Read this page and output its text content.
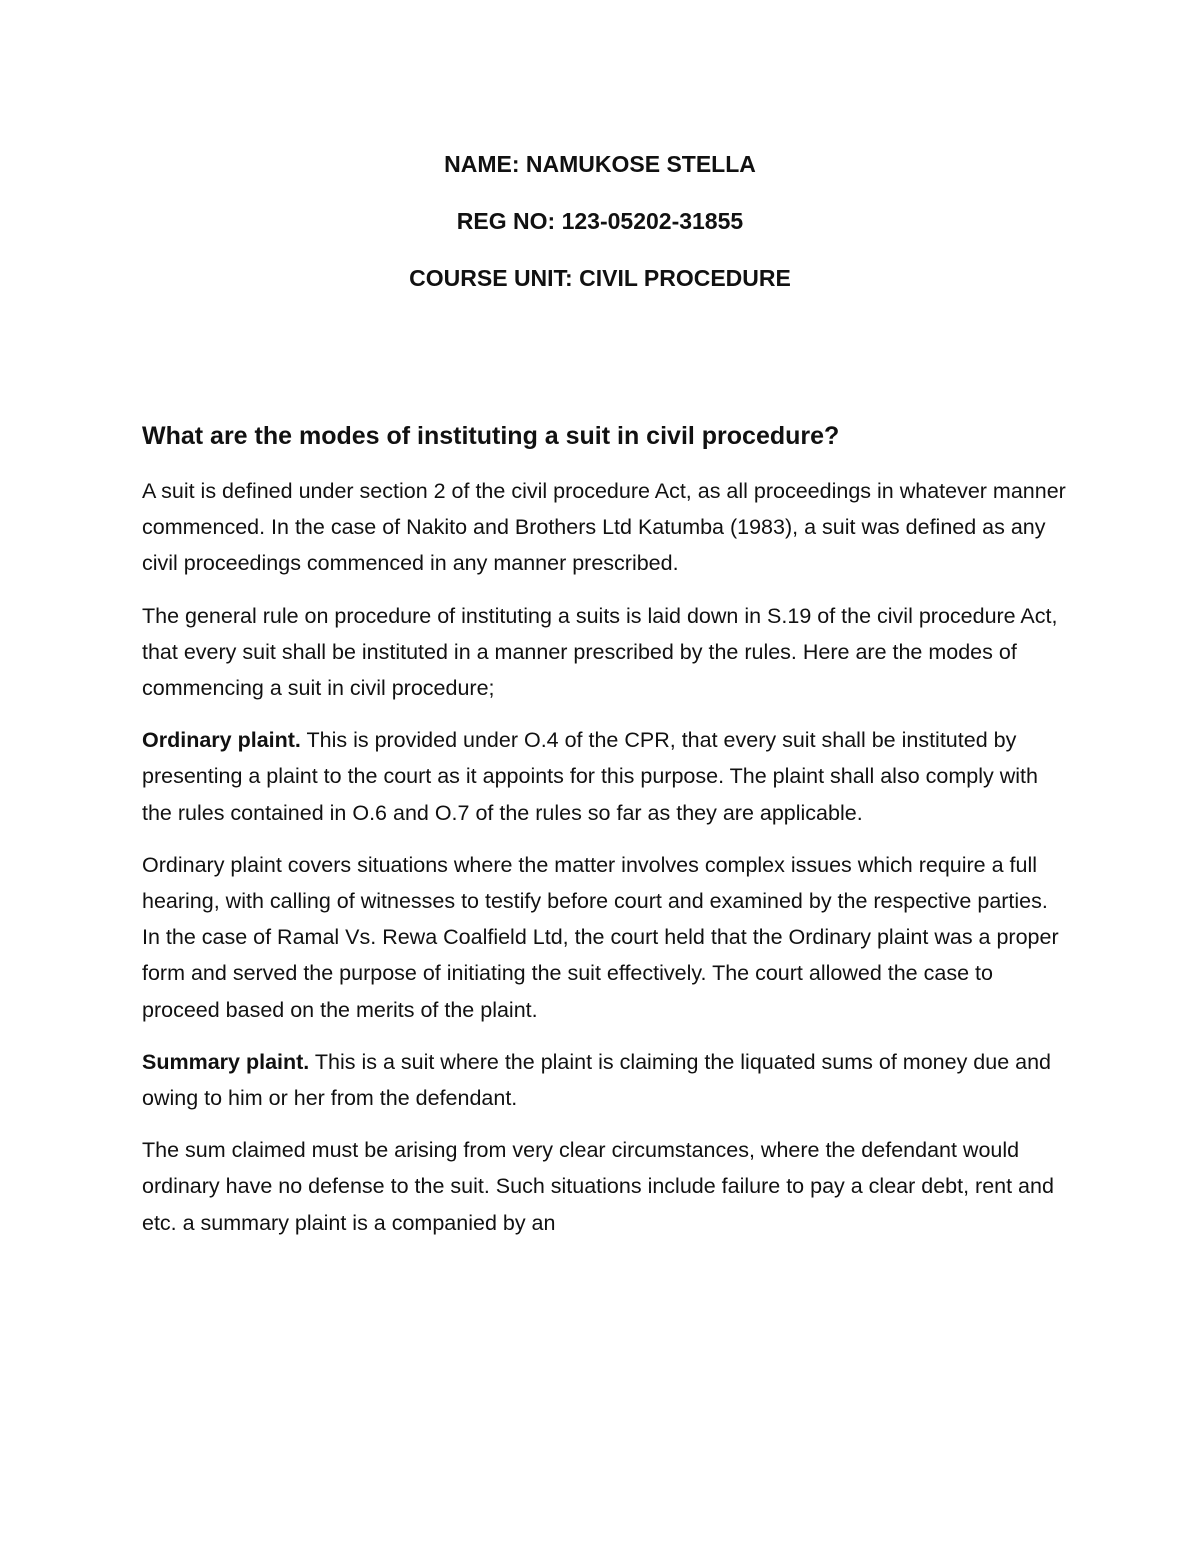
NAME: NAMUKOSE STELLA

REG NO: 123-05202-31855

COURSE UNIT: CIVIL PROCEDURE

What are the modes of instituting a suit in civil procedure?

A suit is defined under section 2 of the civil procedure Act, as all proceedings in whatever manner commenced. In the case of Nakito and Brothers Ltd Katumba (1983), a suit was defined as any civil proceedings commenced in any manner prescribed.

The general rule on procedure of instituting a suits is laid down in S.19 of the civil procedure Act, that every suit shall be instituted in a manner prescribed by the rules. Here are the modes of commencing a suit in civil procedure;

Ordinary plaint. This is provided under O.4 of the CPR, that every suit shall be instituted by presenting a plaint to the court as it appoints for this purpose. The plaint shall also comply with the rules contained in O.6 and O.7 of the rules so far as they are applicable.

Ordinary plaint covers situations where the matter involves complex issues which require a full hearing, with calling of witnesses to testify before court and examined by the respective parties. In the case of Ramal Vs. Rewa Coalfield Ltd, the court held that the Ordinary plaint was a proper form and served the purpose of initiating the suit effectively. The court allowed the case to proceed based on the merits of the plaint.

Summary plaint. This is a suit where the plaint is claiming the liquated sums of money due and owing to him or her from the defendant.

The sum claimed must be arising from very clear circumstances, where the defendant would ordinary have no defense to the suit. Such situations include failure to pay a clear debt, rent and etc. a summary plaint is a companied by an
